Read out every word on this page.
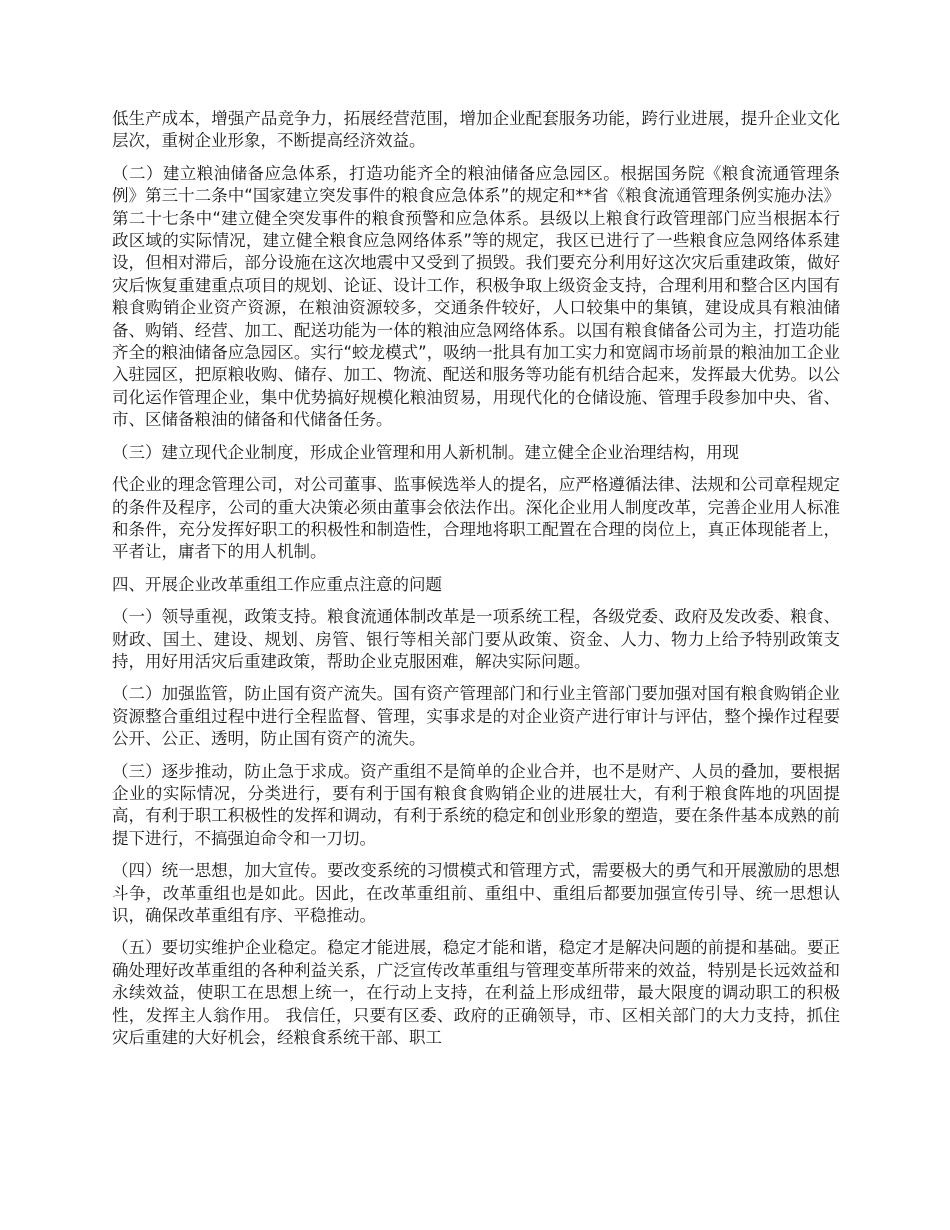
低生产成本，增强产品竞争力，拓展经营范围，增加企业配套服务功能，跨行业进展，提升企业文化层次，重树企业形象，不断提高经济效益。

（二）建立粮油储备应急体系，打造功能齐全的粮油储备应急园区。根据国务院《粮食流通管理条例》第三十二条中“国家建立突发事件的粮食应急体系”的规定和**省《粮食流通管理条例实施办法》第二十七条中“建立健全突发事件的粮食预警和应急体系。县级以上粮食行政管理部门应当根据本行政区域的实际情况，建立健全粮食应急网络体系”等的规定，我区已进行了一些粮食应急网络体系建设，但相对滞后，部分设施在这次地震中又受到了损毁。我们要充分利用好这次灾后重建政策，做好灾后恢复重建重点项目的规划、论证、设计工作，积极争取上级资金支持，合理利用和整合区内国有粮食购销企业资产资源，在粮油资源较多，交通条件较好，人口较集中的集镇，建设成具有粮油储备、购销、经营、加工、配送功能为一体的粮油应急网络体系。以国有粮食储备公司为主，打造功能齐全的粮油储备应急园区。实行“蛟龙模式”，吸纳一批具有加工实力和宽阔市场前景的粮油加工企业入驻园区，把原粮收购、储存、加工、物流、配送和服务等功能有机结合起来，发挥最大优势。以公司化运作管理企业，集中优势搞好规模化粮油贸易，用现代化的仓储设施、管理手段参加中央、省、市、区储备粮油的储备和代储备任务。

（三）建立现代企业制度，形成企业管理和用人新机制。建立健全企业治理结构，用现

代企业的理念管理公司，对公司董事、监事候选举人的提名，应严格遵循法律、法规和公司章程规定的条件及程序，公司的重大决策必须由董事会依法作出。深化企业用人制度改革，完善企业用人标准和条件，充分发挥好职工的积极性和制造性，合理地将职工配置在合理的岗位上，真正体现能者上，平者让，庸者下的用人机制。

四、开展企业改革重组工作应重点注意的问题

（一）领导重视，政策支持。粮食流通体制改革是一项系统工程，各级党委、政府及发改委、粮食、财政、国土、建设、规划、房管、银行等相关部门要从政策、资金、人力、物力上给予特别政策支持，用好用活灾后重建政策，帮助企业克服困难，解决实际问题。

（二）加强监管，防止国有资产流失。国有资产管理部门和行业主管部门要加强对国有粮食购销企业资源整合重组过程中进行全程监督、管理，实事求是的对企业资产进行审计与评估，整个操作过程要公开、公正、透明，防止国有资产的流失。

（三）逐步推动，防止急于求成。资产重组不是简单的企业合并，也不是财产、人员的叠加，要根据企业的实际情况，分类进行，要有利于国有粮食食购销企业的进展壮大，有利于粮食阵地的巩固提高，有利于职工积极性的发挥和调动，有利于系统的稳定和创业形象的塑造，要在条件基本成熟的前提下进行，不搞强迫命令和一刀切。

（四）统一思想，加大宣传。要改变系统的习惯模式和管理方式，需要极大的勇气和开展激励的思想斗争，改革重组也是如此。因此，在改革重组前、重组中、重组后都要加强宣传引导、统一思想认识，确保改革重组有序、平稳推动。

（五）要切实维护企业稳定。稳定才能进展，稳定才能和谐，稳定才是解决问题的前提和基础。要正确处理好改革重组的各种利益关系，广泛宣传改革重组与管理变革所带来的效益，特别是长远效益和永续效益，使职工在思想上统一，在行动上支持，在利益上形成纽带，最大限度的调动职工的积极性，发挥主人翁作用。 我信任，只要有区委、政府的正确领导，市、区相关部门的大力支持，抓住灾后重建的大好机会，经粮食系统干部、职工
